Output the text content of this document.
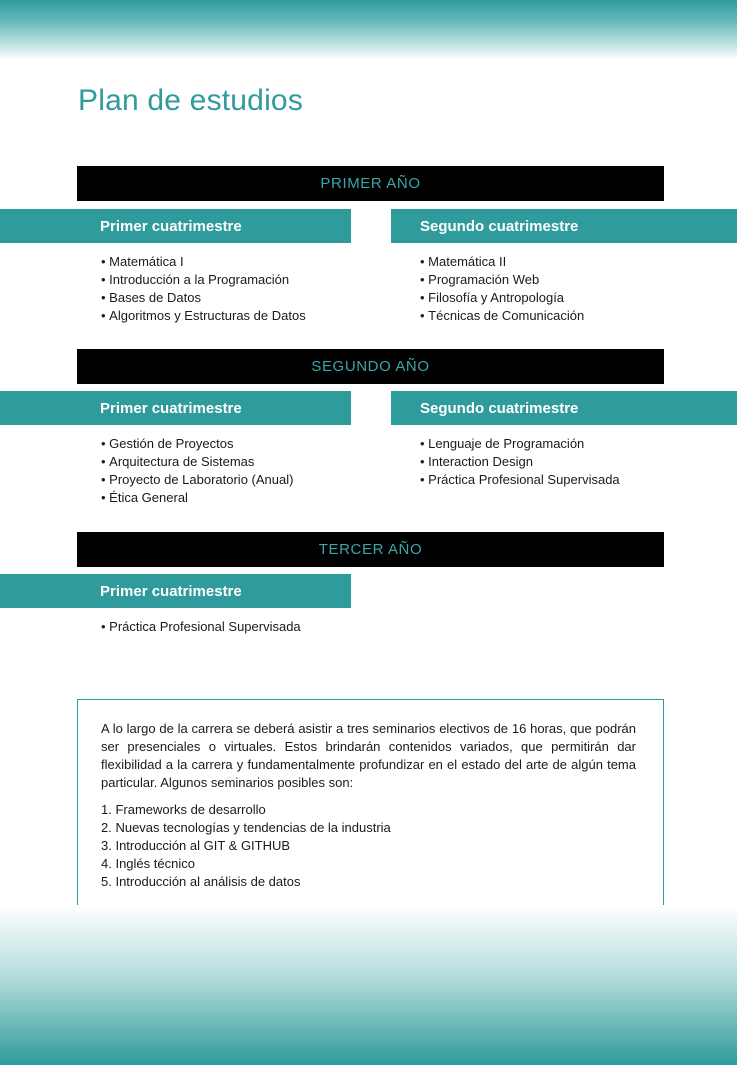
Plan de estudios
PRIMER AÑO
Primer cuatrimestre	Segundo cuatrimestre
• Matemática I
• Introducción a la Programación
• Bases de Datos
• Algoritmos y Estructuras de Datos
• Matemática II
• Programación Web
• Filosofía y Antropología
• Técnicas de Comunicación
SEGUNDO AÑO
Primer cuatrimestre	Segundo cuatrimestre
• Gestión de Proyectos
• Arquitectura de Sistemas
• Proyecto de Laboratorio (Anual)
• Ética General
• Lenguaje de Programación
• Interaction Design
• Práctica Profesional Supervisada
TERCER AÑO
Primer cuatrimestre
• Práctica Profesional Supervisada

A lo largo de la carrera se deberá asistir a tres seminarios electivos de 16 horas, que podrán ser presenciales o virtuales. Estos brindarán contenidos variados, que permitirán dar flexibilidad a la carrera y fundamentalmente profundizar en el estado del arte de algún tema particular. Algunos seminarios posibles son:

1. Frameworks de desarrollo
2. Nuevas tecnologías y tendencias de la industria
3. Introducción al GIT & GITHUB
4. Inglés técnico
5. Introducción al análisis de datos
